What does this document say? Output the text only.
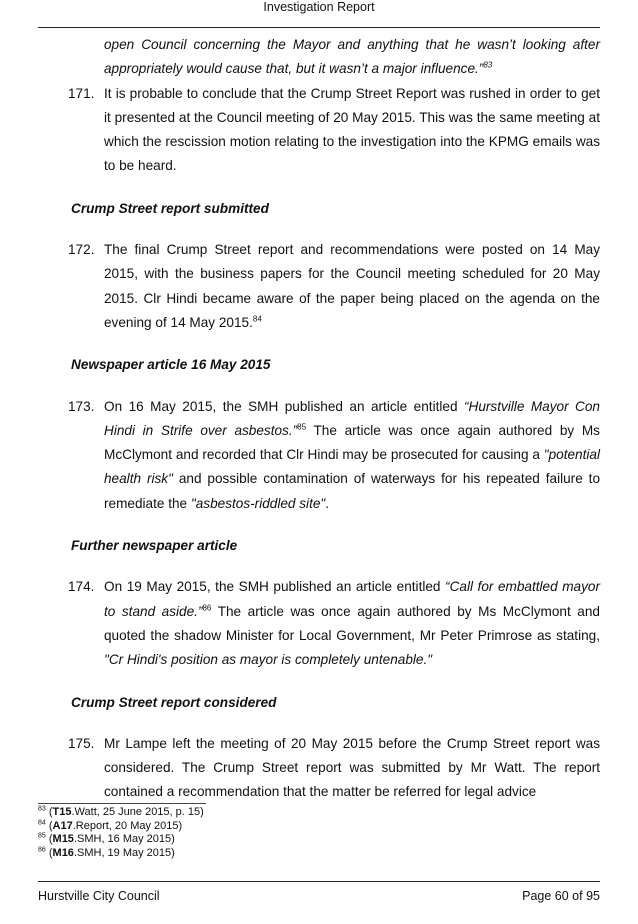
Investigation Report
open Council concerning the Mayor and anything that he wasn’t looking after appropriately would cause that, but it wasn’t a major influence.”$^{83}$
171. It is probable to conclude that the Crump Street Report was rushed in order to get it presented at the Council meeting of 20 May 2015. This was the same meeting at which the rescission motion relating to the investigation into the KPMG emails was to be heard.
Crump Street report submitted
172. The final Crump Street report and recommendations were posted on 14 May 2015, with the business papers for the Council meeting scheduled for 20 May 2015. Clr Hindi became aware of the paper being placed on the agenda on the evening of 14 May 2015.84
Newspaper article 16 May 2015
173. On 16 May 2015, the SMH published an article entitled “Hurstville Mayor Con Hindi in Strife over asbestos.”$^{85}$ The article was once again authored by Ms McClymont and recorded that Clr Hindi may be prosecuted for causing a "potential health risk" and possible contamination of waterways for his repeated failure to remediate the "asbestos-riddled site".
Further newspaper article
174. On 19 May 2015, the SMH published an article entitled “Call for embattled mayor to stand aside.”$^{86}$ The article was once again authored by Ms McClymont and quoted the shadow Minister for Local Government, Mr Peter Primrose as stating, "Cr Hindi's position as mayor is completely untenable."
Crump Street report considered
175. Mr Lampe left the meeting of 20 May 2015 before the Crump Street report was considered. The Crump Street report was submitted by Mr Watt. The report contained a recommendation that the matter be referred for legal advice
$^{83}$ (T15.Watt, 25 June 2015, p. 15)
$^{84}$ (A17.Report, 20 May 2015)
$^{85}$ (M15.SMH, 16 May 2015)
$^{86}$ (M16.SMH, 19 May 2015)
Hurstville City Council	Page 60 of 95
